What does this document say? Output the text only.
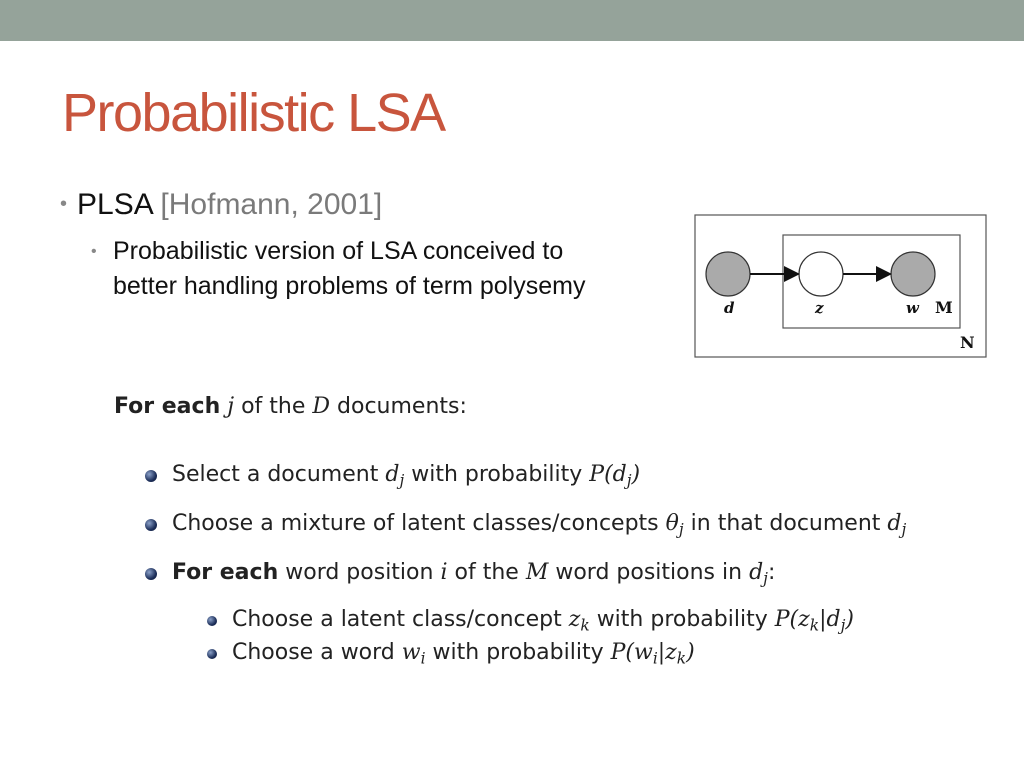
Probabilistic LSA
• PLSA [Hofmann, 2001]
• Probabilistic version of LSA conceived to better handling problems of term polysemy
d	z	w M
N
For each j of the D documents:
Select a document $d_j$ with probability $P(d_j)$
Choose a mixture of latent classes/concepts $\theta_j$ in that document $d_j$
For each word position i of the M word positions in $d_j$:
Choose a latent class/concept $z_k$ with probability $P(z_k|d_j)$
Choose a word $w_i$ with probability $P(w_i|z_k)$
